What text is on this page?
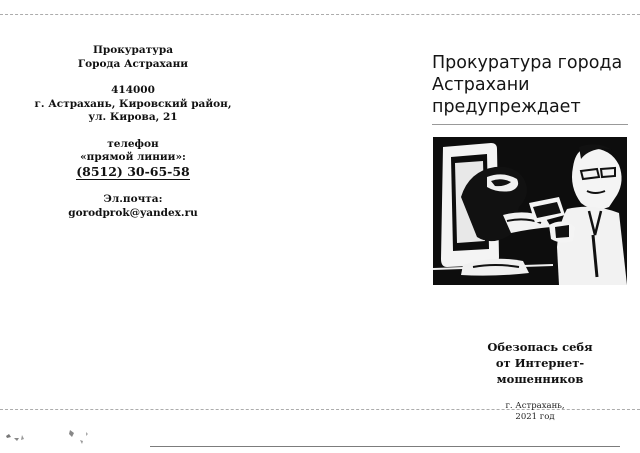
Прокуратура
Города Астрахани
414000
г. Астрахань, Кировский район,
ул. Кирова, 21
телефон
«прямой линии»:
(8512) 30-65-58
Эл.почта:
gorodprok@yandex.ru
Прокуратура города
Астрахани
предупреждает
Обезопась себя
от Интернет-
мошенников
г. Астрахань,
2021 год
